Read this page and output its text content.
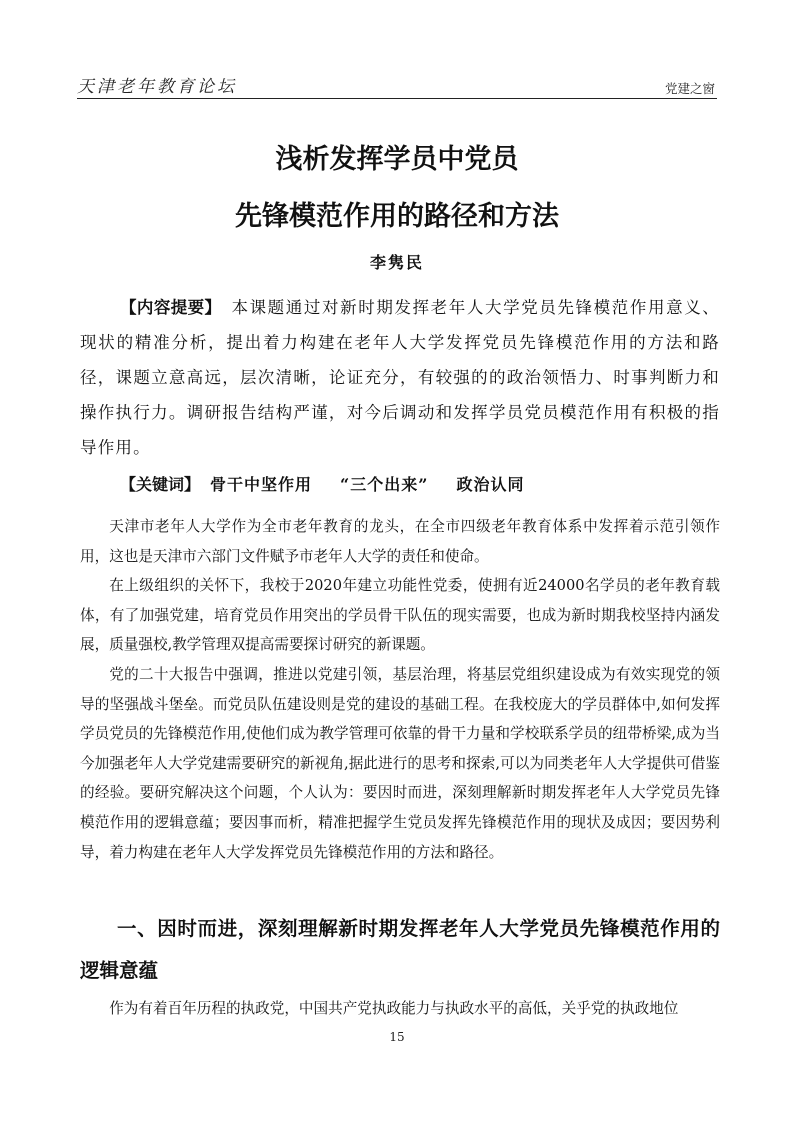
天津老年教育论坛	党建之窗
浅析发挥学员中党员
先锋模范作用的路径和方法
李隽民

【内容提要】 本课题通过对新时期发挥老年人大学党员先锋模范作用意义、现状的精准分析，提出着力构建在老年人大学发挥党员先锋模范作用的方法和路径，课题立意高远，层次清晰，论证充分，有较强的的政治领悟力、时事判断力和操作执行力。调研报告结构严谨，对今后调动和发挥学员党员模范作用有积极的指导作用。

【关键词】 骨干中坚作用 “三个出来” 政治认同

天津市老年人大学作为全市老年教育的龙头，在全市四级老年教育体系中发挥着示范引领作用，这也是天津市六部门文件赋予市老年人大学的责任和使命。

在上级组织的关怀下，我校于2020年建立功能性党委，使拥有近24000名学员的老年教育载体，有了加强党建，培育党员作用突出的学员骨干队伍的现实需要，也成为新时期我校坚持内涵发展，质量强校,教学管理双提高需要探讨研究的新课题。

党的二十大报告中强调，推进以党建引领，基层治理，将基层党组织建设成为有效实现党的领导的坚强战斗堡垒。而党员队伍建设则是党的建设的基础工程。在我校庞大的学员群体中,如何发挥学员党员的先锋模范作用,使他们成为教学管理可依靠的骨干力量和学校联系学员的纽带桥梁,成为当今加强老年人大学党建需要研究的新视角,据此进行的思考和探索,可以为同类老年人大学提供可借鉴的经验。要研究解决这个问题，个人认为：要因时而进，深刻理解新时期发挥老年人大学党员先锋模范作用的逻辑意蕴；要因事而析，精准把握学生党员发挥先锋模范作用的现状及成因；要因势利导，着力构建在老年人大学发挥党员先锋模范作用的方法和路径。

一、因时而进，深刻理解新时期发挥老年人大学党员先锋模范作用的逻辑意蕴

作为有着百年历程的执政党，中国共产党执政能力与执政水平的高低，关乎党的执政地位

15
